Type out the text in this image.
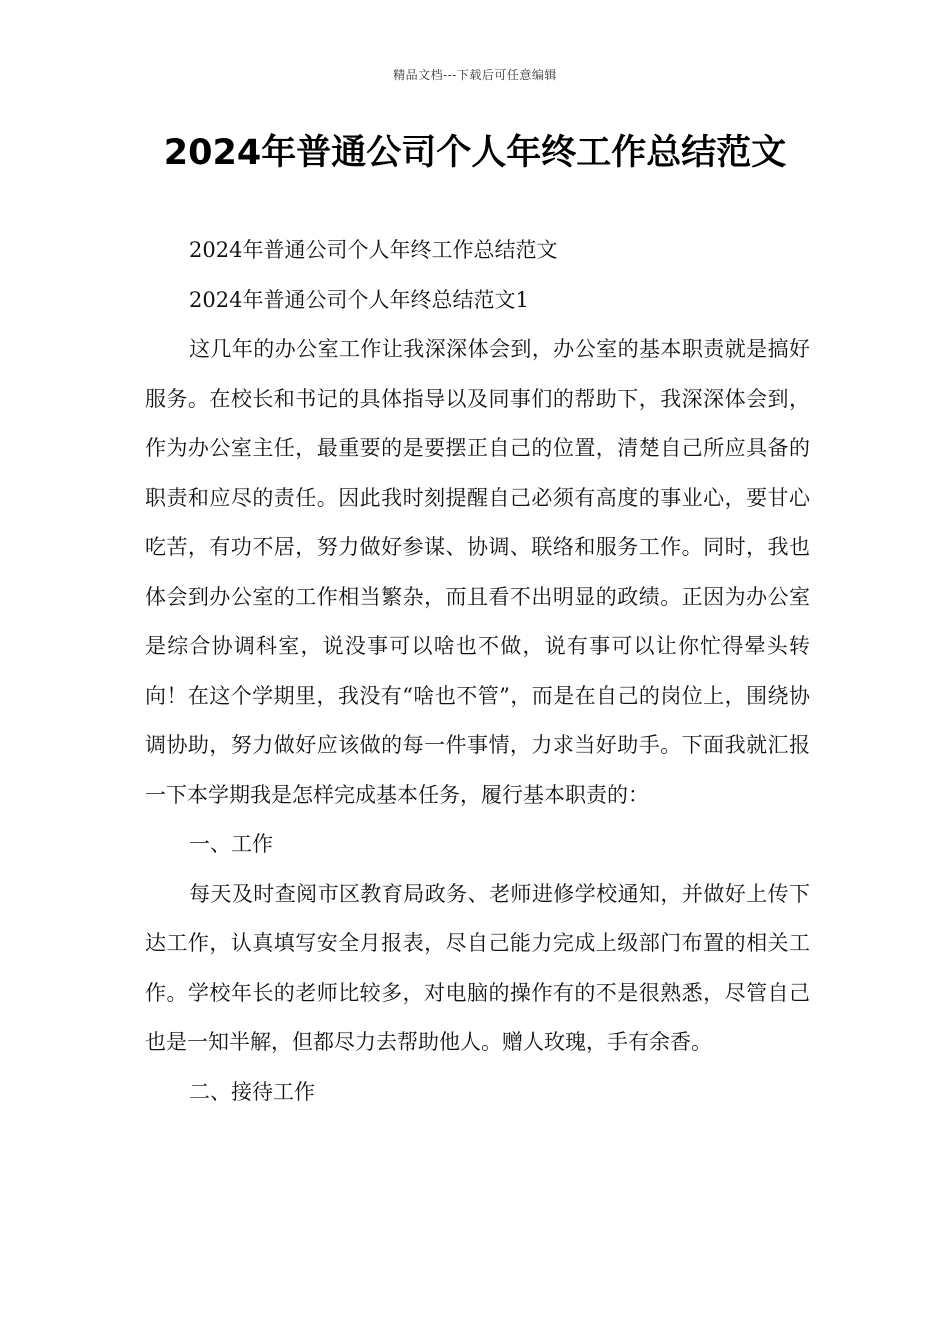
精品文档---下载后可任意编辑
2024年普通公司个人年终工作总结范文

2024年普通公司个人年终工作总结范文

2024年普通公司个人年终总结范文1

这几年的办公室工作让我深深体会到，办公室的基本职责就是搞好服务。在校长和书记的具体指导以及同事们的帮助下，我深深体会到，作为办公室主任，最重要的是要摆正自己的位置，清楚自己所应具备的职责和应尽的责任。因此我时刻提醒自己必须有高度的事业心，要甘心吃苦，有功不居，努力做好参谋、协调、联络和服务工作。同时，我也体会到办公室的工作相当繁杂，而且看不出明显的政绩。正因为办公室是综合协调科室，说没事可以啥也不做，说有事可以让你忙得晕头转向！在这个学期里，我没有“啥也不管”，而是在自己的岗位上，围绕协调协助，努力做好应该做的每一件事情，力求当好助手。下面我就汇报一下本学期我是怎样完成基本任务，履行基本职责的：

一、工作

每天及时查阅市区教育局政务、老师进修学校通知，并做好上传下达工作，认真填写安全月报表，尽自己能力完成上级部门布置的相关工作。学校年长的老师比较多，对电脑的操作有的不是很熟悉，尽管自己也是一知半解，但都尽力去帮助他人。赠人玫瑰，手有余香。

二、接待工作
